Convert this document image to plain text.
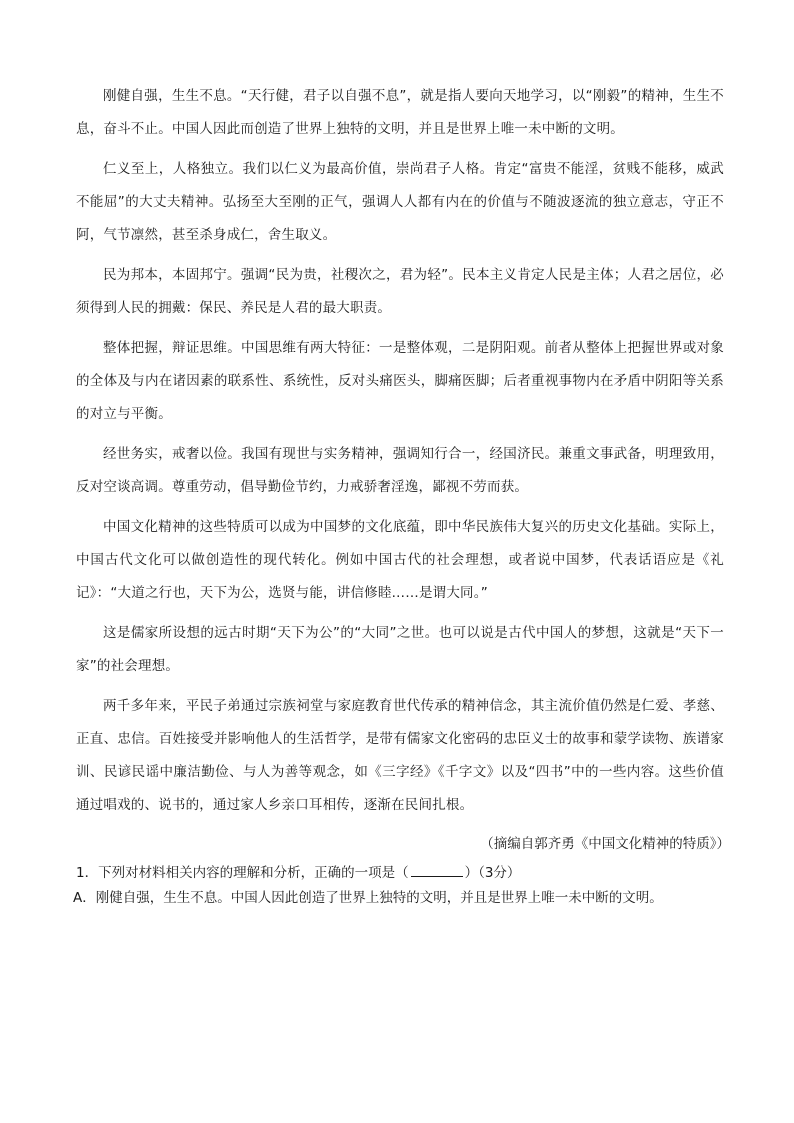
刚健自强，生生不息。“天行健，君子以自强不息”，就是指人要向天地学习，以“刚毅”的精神，生生不息，奋斗不止。中国人因此而创造了世界上独特的文明，并且是世界上唯一未中断的文明。

仁义至上，人格独立。我们以仁义为最高价值，崇尚君子人格。肯定“富贵不能淫，贫贱不能移，威武不能屈”的大丈夫精神。弘扬至大至刚的正气，强调人人都有内在的价值与不随波逐流的独立意志，守正不阿，气节凛然，甚至杀身成仁，舍生取义。

民为邦本，本固邦宁。强调“民为贵，社稷次之，君为轻”。民本主义肯定人民是主体；人君之居位，必须得到人民的拥戴：保民、养民是人君的最大职责。

整体把握，辩证思维。中国思维有两大特征：一是整体观，二是阴阳观。前者从整体上把握世界或对象的全体及与内在诸因素的联系性、系统性，反对头痛医头，脚痛医脚；后者重视事物内在矛盾中阴阳等关系的对立与平衡。

经世务实，戒奢以俭。我国有现世与实务精神，强调知行合一，经国济民。兼重文事武备，明理致用，反对空谈高调。尊重劳动，倡导勤俭节约，力戒骄奢淫逸，鄙视不劳而获。

中国文化精神的这些特质可以成为中国梦的文化底蕴，即中华民族伟大复兴的历史文化基础。实际上，中国古代文化可以做创造性的现代转化。例如中国古代的社会理想，或者说中国梦，代表话语应是《礼记》：“大道之行也，天下为公，选贤与能，讲信修睦……是谓大同。”

这是儒家所设想的远古时期“天下为公”的“大同”之世。也可以说是古代中国人的梦想，这就是“天下一家”的社会理想。

两千多年来，平民子弟通过宗族祠堂与家庭教育世代传承的精神信念，其主流价值仍然是仁爱、孝慈、正直、忠信。百姓接受并影响他人的生活哲学，是带有儒家文化密码的忠臣义士的故事和蒙学读物、族谱家训、民谚民谣中廉洁勤俭、与人为善等观念，如《三字经》《千字文》以及“四书”中的一些内容。这些价值通过唱戏的、说书的，通过家人乡亲口耳相传，逐渐在民间扎根。

（摘编自郭齐勇《中国文化精神的特质》）
1．下列对材料相关内容的理解和分析，正确的一项是（	）（3分）
A．刚健自强，生生不息。中国人因此创造了世界上独特的文明，并且是世界上唯一未中断的文明。
